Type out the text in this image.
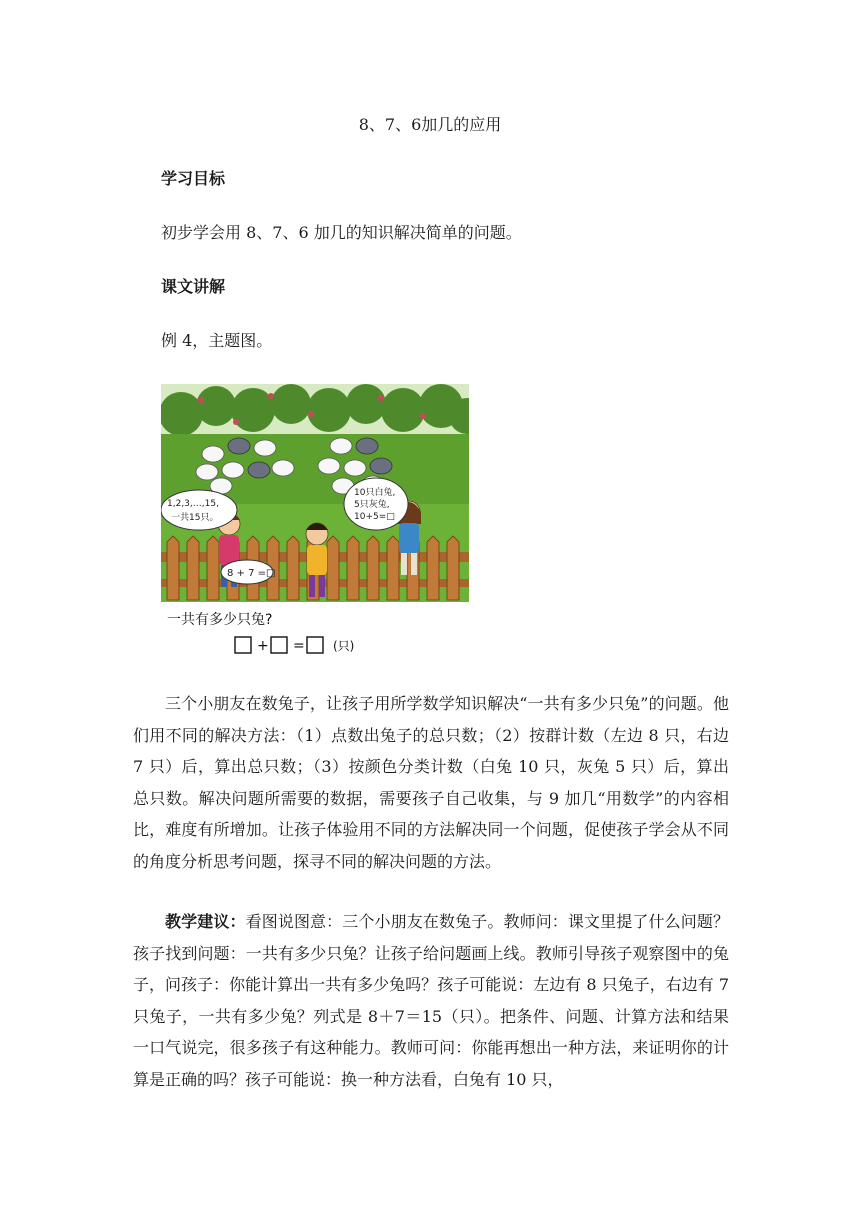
8、7、6加几的应用
学习目标
初步学会用 8、7、6 加几的知识解决简单的问题。
课文讲解
例 4，主题图。
1,2,3,…,15,
一共15只。
10只白兔,
5只灰兔,
10+5=□
8 + 7 =□
一共有多少只兔?
+ = (只)

三个小朋友在数兔子，让孩子用所学数学知识解决“一共有多少只兔”的问题。他们用不同的解决方法：（1）点数出兔子的总只数；（2）按群计数（左边 8 只，右边 7 只）后，算出总只数；（3）按颜色分类计数（白兔 10 只，灰兔 5 只）后，算出总只数。解决问题所需要的数据，需要孩子自己收集，与 9 加几“用数学”的内容相比，难度有所增加。让孩子体验用不同的方法解决同一个问题，促使孩子学会从不同的角度分析思考问题，探寻不同的解决问题的方法。

教学建议：看图说图意：三个小朋友在数兔子。教师问：课文里提了什么问题？孩子找到问题：一共有多少只兔？让孩子给问题画上线。教师引导孩子观察图中的兔子，问孩子：你能计算出一共有多少兔吗？孩子可能说：左边有 8 只兔子，右边有 7 只兔子，一共有多少兔？列式是 8＋7＝15（只）。把条件、问题、计算方法和结果一口气说完，很多孩子有这种能力。教师可问：你能再想出一种方法，来证明你的计算是正确的吗？孩子可能说：换一种方法看，白兔有 10 只，
